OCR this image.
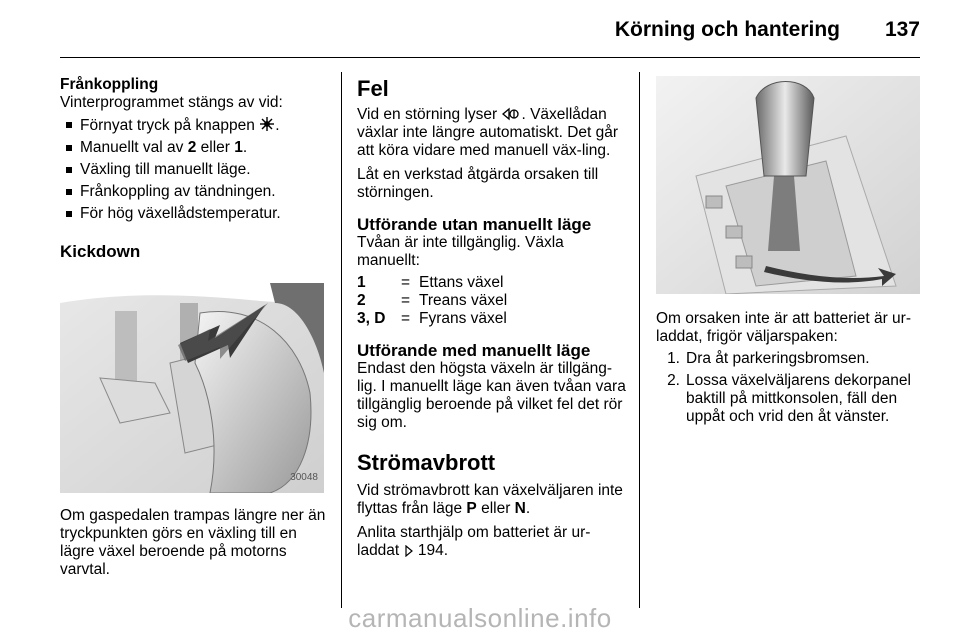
Körning och hantering 137

Frånkoppling

Vinterprogrammet stängs av vid:

Förnyat tryck på knappen .
Manuellt val av 2 eller 1.
Växling till manuellt läge.
Frånkoppling av tändningen.
För hög växellådstemperatur.

Kickdown

30048

Om gaspedalen trampas längre ner än tryckpunkten görs en växling till en lägre växel beroende på motorns varvtal.

Fel

Vid en störning lyser . Växellådan växlar inte längre automatiskt. Det går att köra vidare med manuell väx-ling.

Låt en verkstad åtgärda orsaken till störningen.

Utförande utan manuellt läge

Tvåan är inte tillgänglig. Växla manuellt:

1	= Ettans växel
2	= Treans växel
3, D	= Fyrans växel

Utförande med manuellt läge

Endast den högsta växeln är tillgäng-lig. I manuellt läge kan även tvåan vara tillgänglig beroende på vilket fel det rör sig om.

Strömavbrott

Vid strömavbrott kan växelväljaren inte flyttas från läge P eller N.

Anlita starthjälp om batteriet är ur-laddat  194.

Om orsaken inte är att batteriet är ur-laddat, frigör väljarspaken:

1. Dra åt parkeringsbromsen.
2. Lossa växelväljarens dekorpanel baktill på mittkonsolen, fäll den uppåt och vrid den åt vänster.
carmanualsonline.info
